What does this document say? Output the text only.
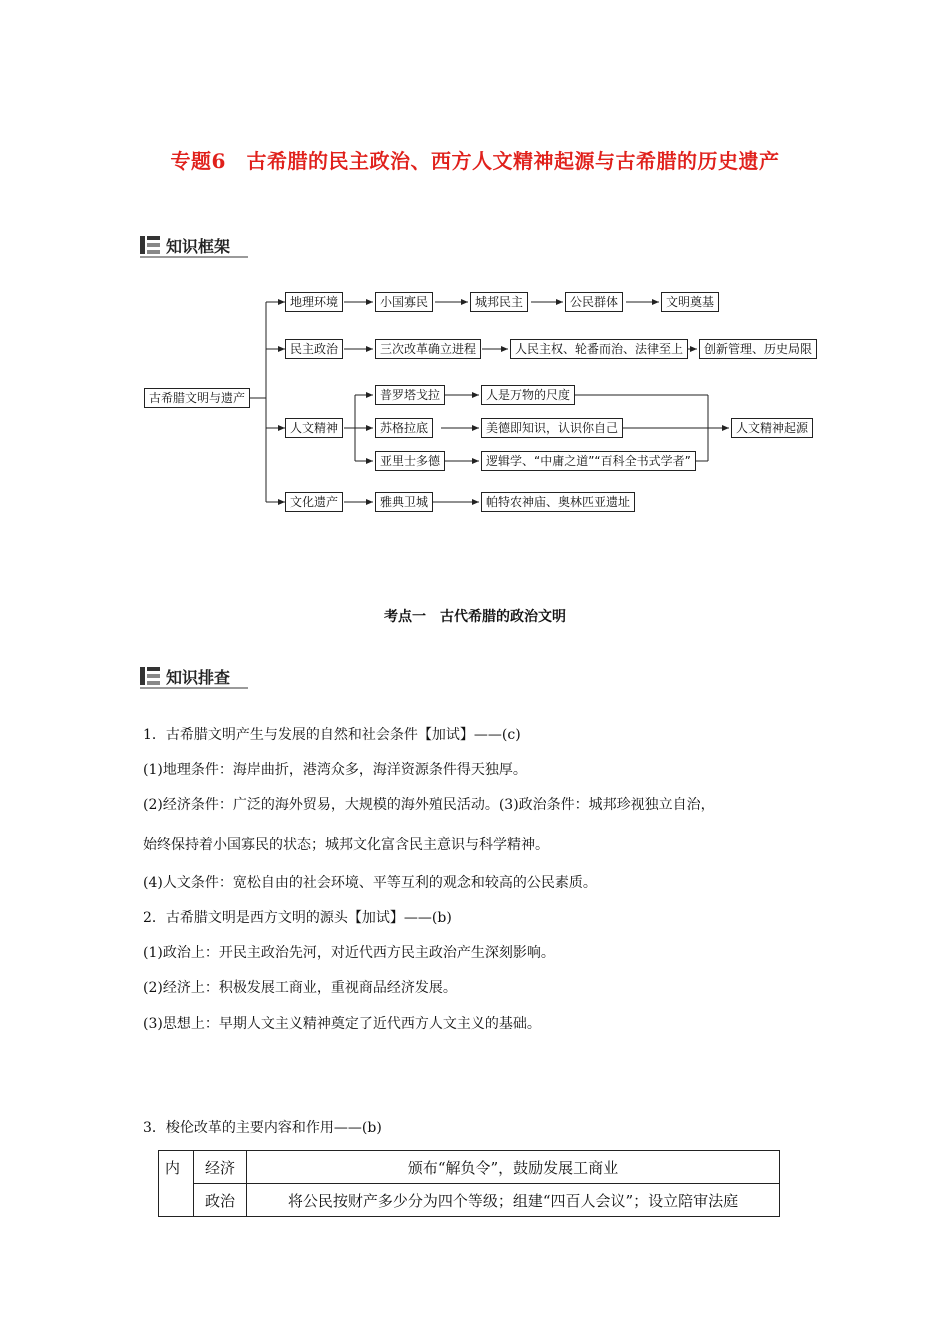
专题6　古希腊的民主政治、西方人文精神起源与古希腊的历史遗产
知识框架
古希腊文明与遗产
地理环境	小国寡民	城邦民主	公民群体	文明奠基
民主政治	三次改革确立进程	人民主权、轮番而治、法律至上	创新管理、历史局限
人文精神
普罗塔戈拉
苏格拉底
亚里士多德
人是万物的尺度
美德即知识，认识你自己
逻辑学、“中庸之道”“百科全书式学者”
人文精神起源
文化遗产	雅典卫城	帕特农神庙、奥林匹亚遗址
考点一　古代希腊的政治文明
知识排查
1．古希腊文明产生与发展的自然和社会条件【加试】——(c)
(1)地理条件：海岸曲折，港湾众多，海洋资源条件得天独厚。
(2)经济条件：广泛的海外贸易，大规模的海外殖民活动。(3)政治条件：城邦珍视独立自治，
始终保持着小国寡民的状态；城邦文化富含民主意识与科学精神。
(4)人文条件：宽松自由的社会环境、平等互利的观念和较高的公民素质。
2．古希腊文明是西方文明的源头【加试】——(b)
(1)政治上：开民主政治先河，对近代西方民主政治产生深刻影响。
(2)经济上：积极发展工商业，重视商品经济发展。
(3)思想上：早期人文主义精神奠定了近代西方人文主义的基础。
3．梭伦改革的主要内容和作用——(b)
内	经济	颁布“解负令”，鼓励发展工商业
	政治	将公民按财产多少分为四个等级；组建“四百人会议”；设立陪审法庭
